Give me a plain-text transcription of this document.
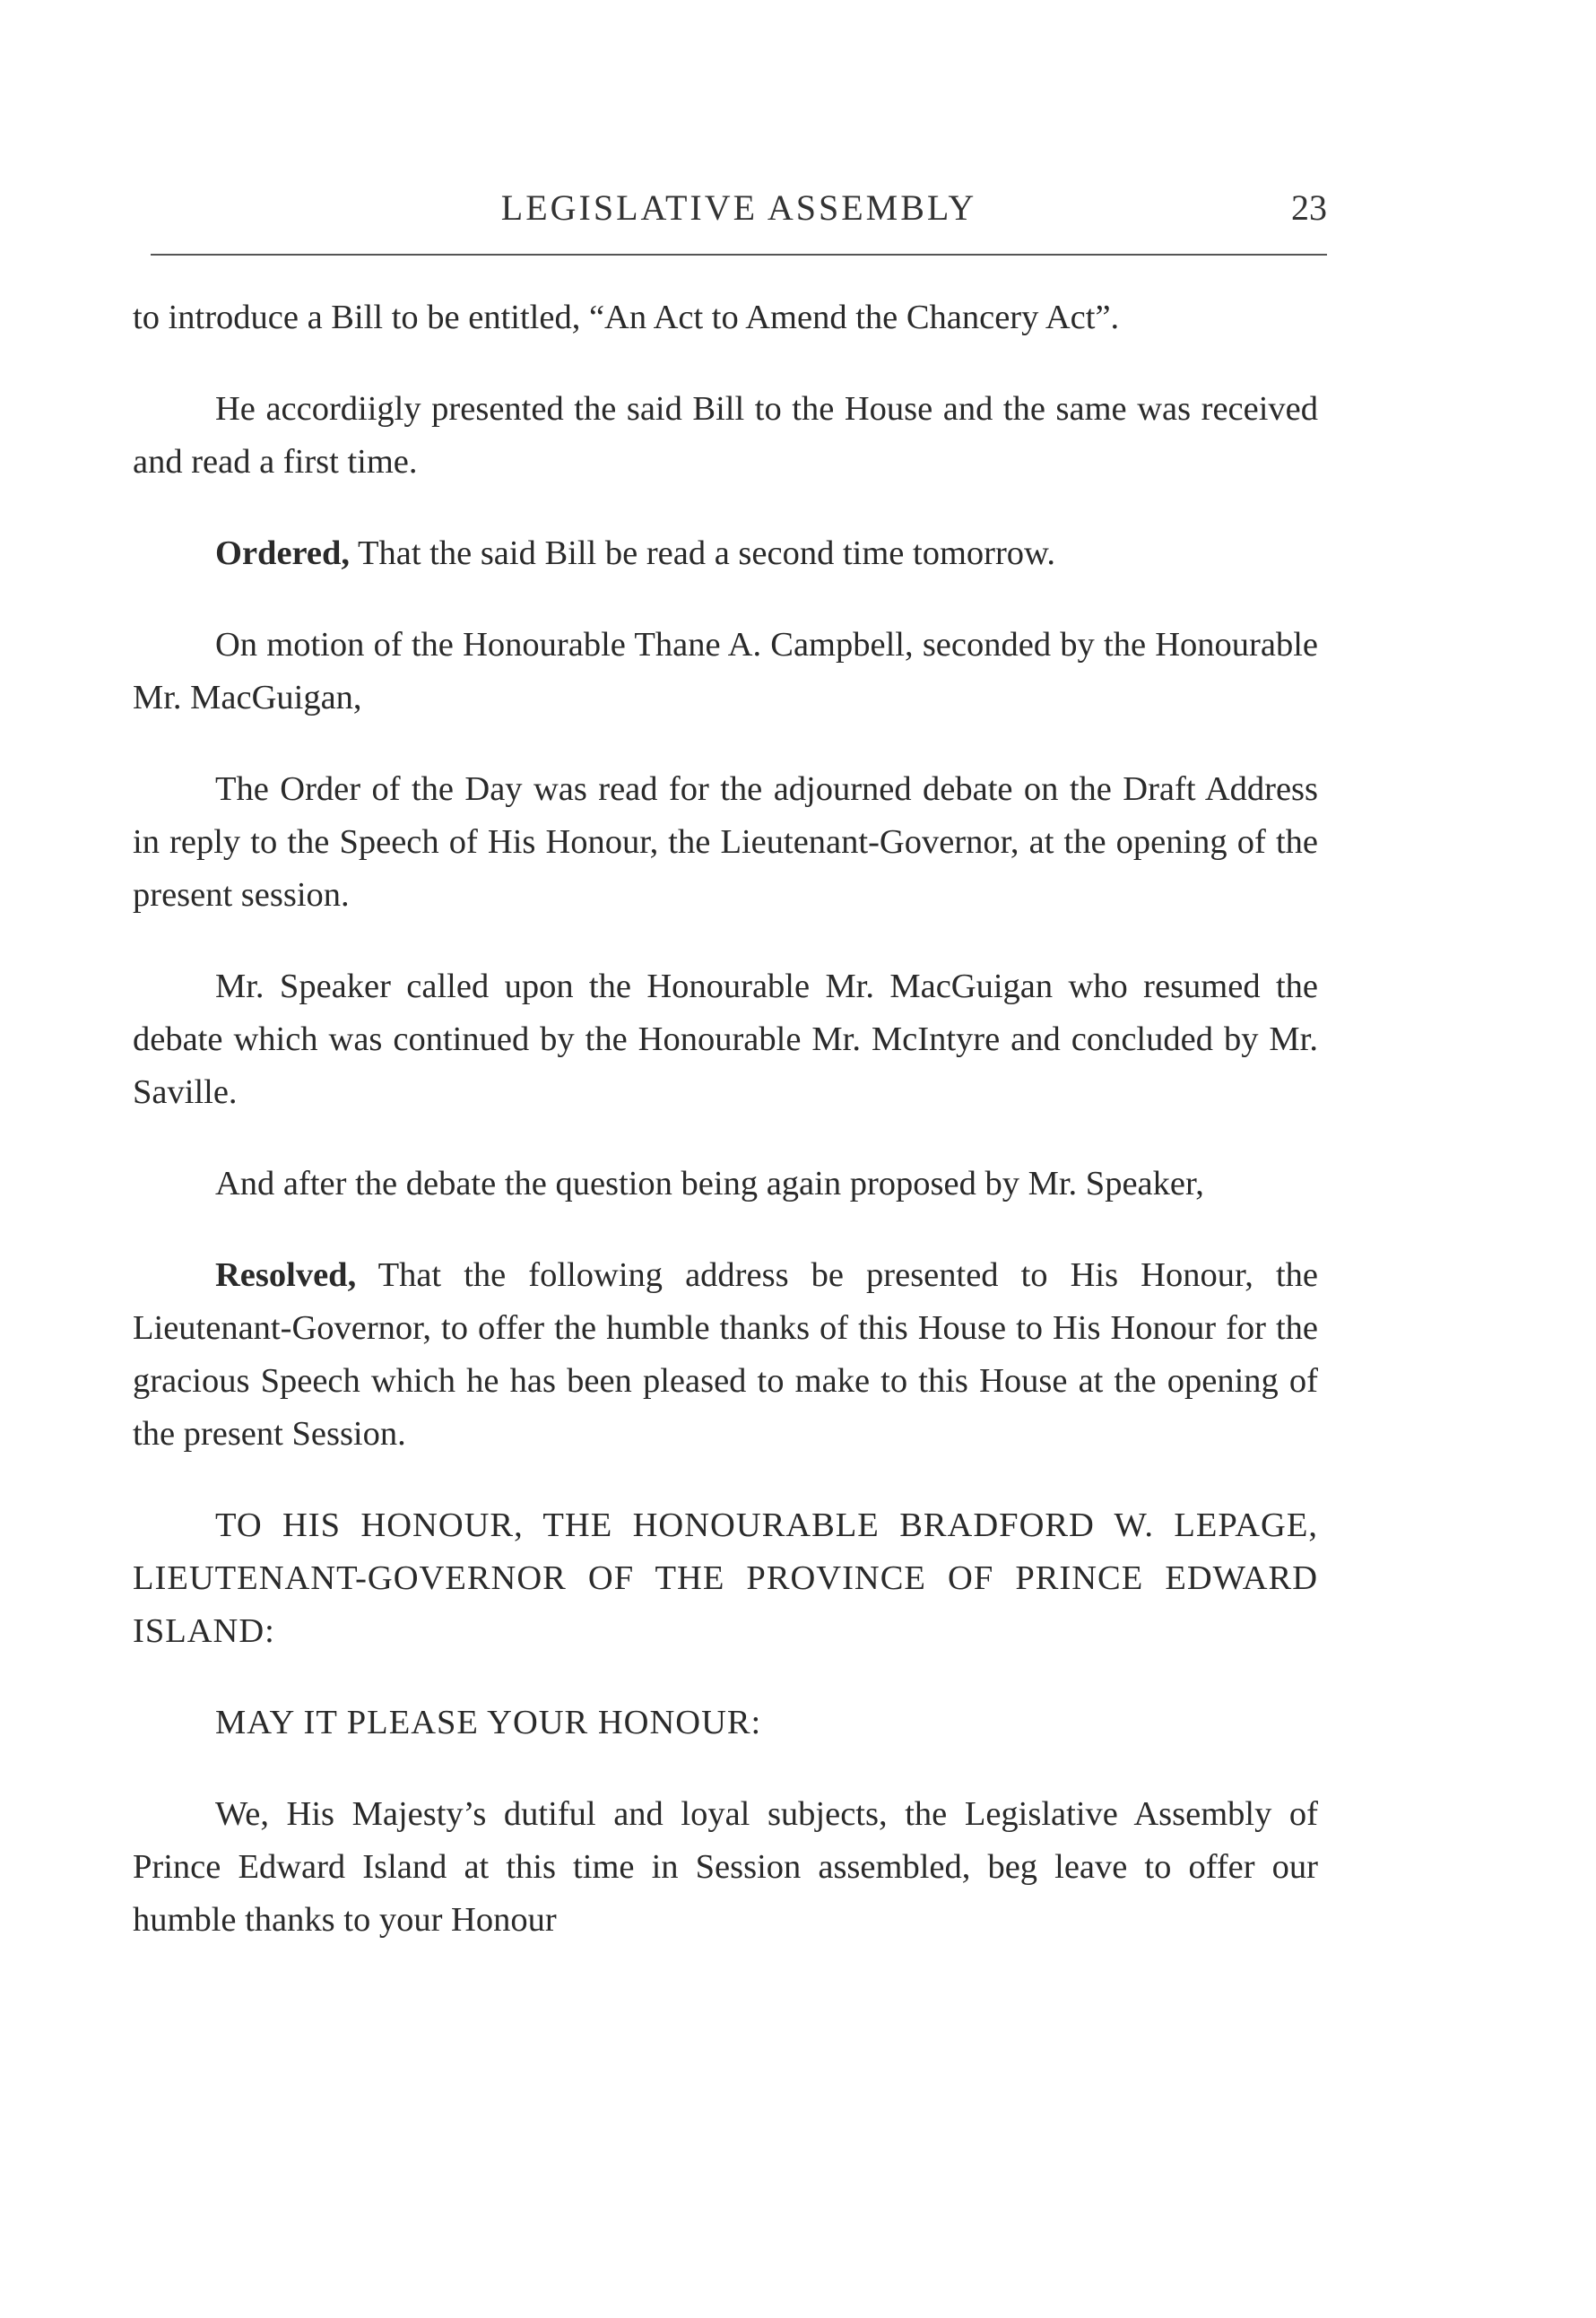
LEGISLATIVE ASSEMBLY	23

to introduce a Bill to be entitled, “An Act to Amend the Chancery Act”.

He accordiigly presented the said Bill to the House and the same was received and read a first time.

Ordered, That the said Bill be read a second time tomorrow.

On motion of the Honourable Thane A. Campbell, seconded by the Honourable Mr. MacGuigan,

The Order of the Day was read for the adjourned debate on the Draft Address in reply to the Speech of His Honour, the Lieutenant-Governor, at the opening of the present session.

Mr. Speaker called upon the Honourable Mr. MacGuigan who resumed the debate which was continued by the Honourable Mr. McIntyre and concluded by Mr. Saville.

And after the debate the question being again proposed by Mr. Speaker,

Resolved, That the following address be presented to His Honour, the Lieutenant-Governor, to offer the humble thanks of this House to His Honour for the gracious Speech which he has been pleased to make to this House at the opening of the present Session.

TO HIS HONOUR, THE HONOURABLE BRADFORD W. LEPAGE, LIEUTENANT-GOVERNOR OF THE PROVINCE OF PRINCE EDWARD ISLAND:

MAY IT PLEASE YOUR HONOUR:

We, His Majesty’s dutiful and loyal subjects, the Legislative Assembly of Prince Edward Island at this time in Session assembled, beg leave to offer our humble thanks to your Honour
